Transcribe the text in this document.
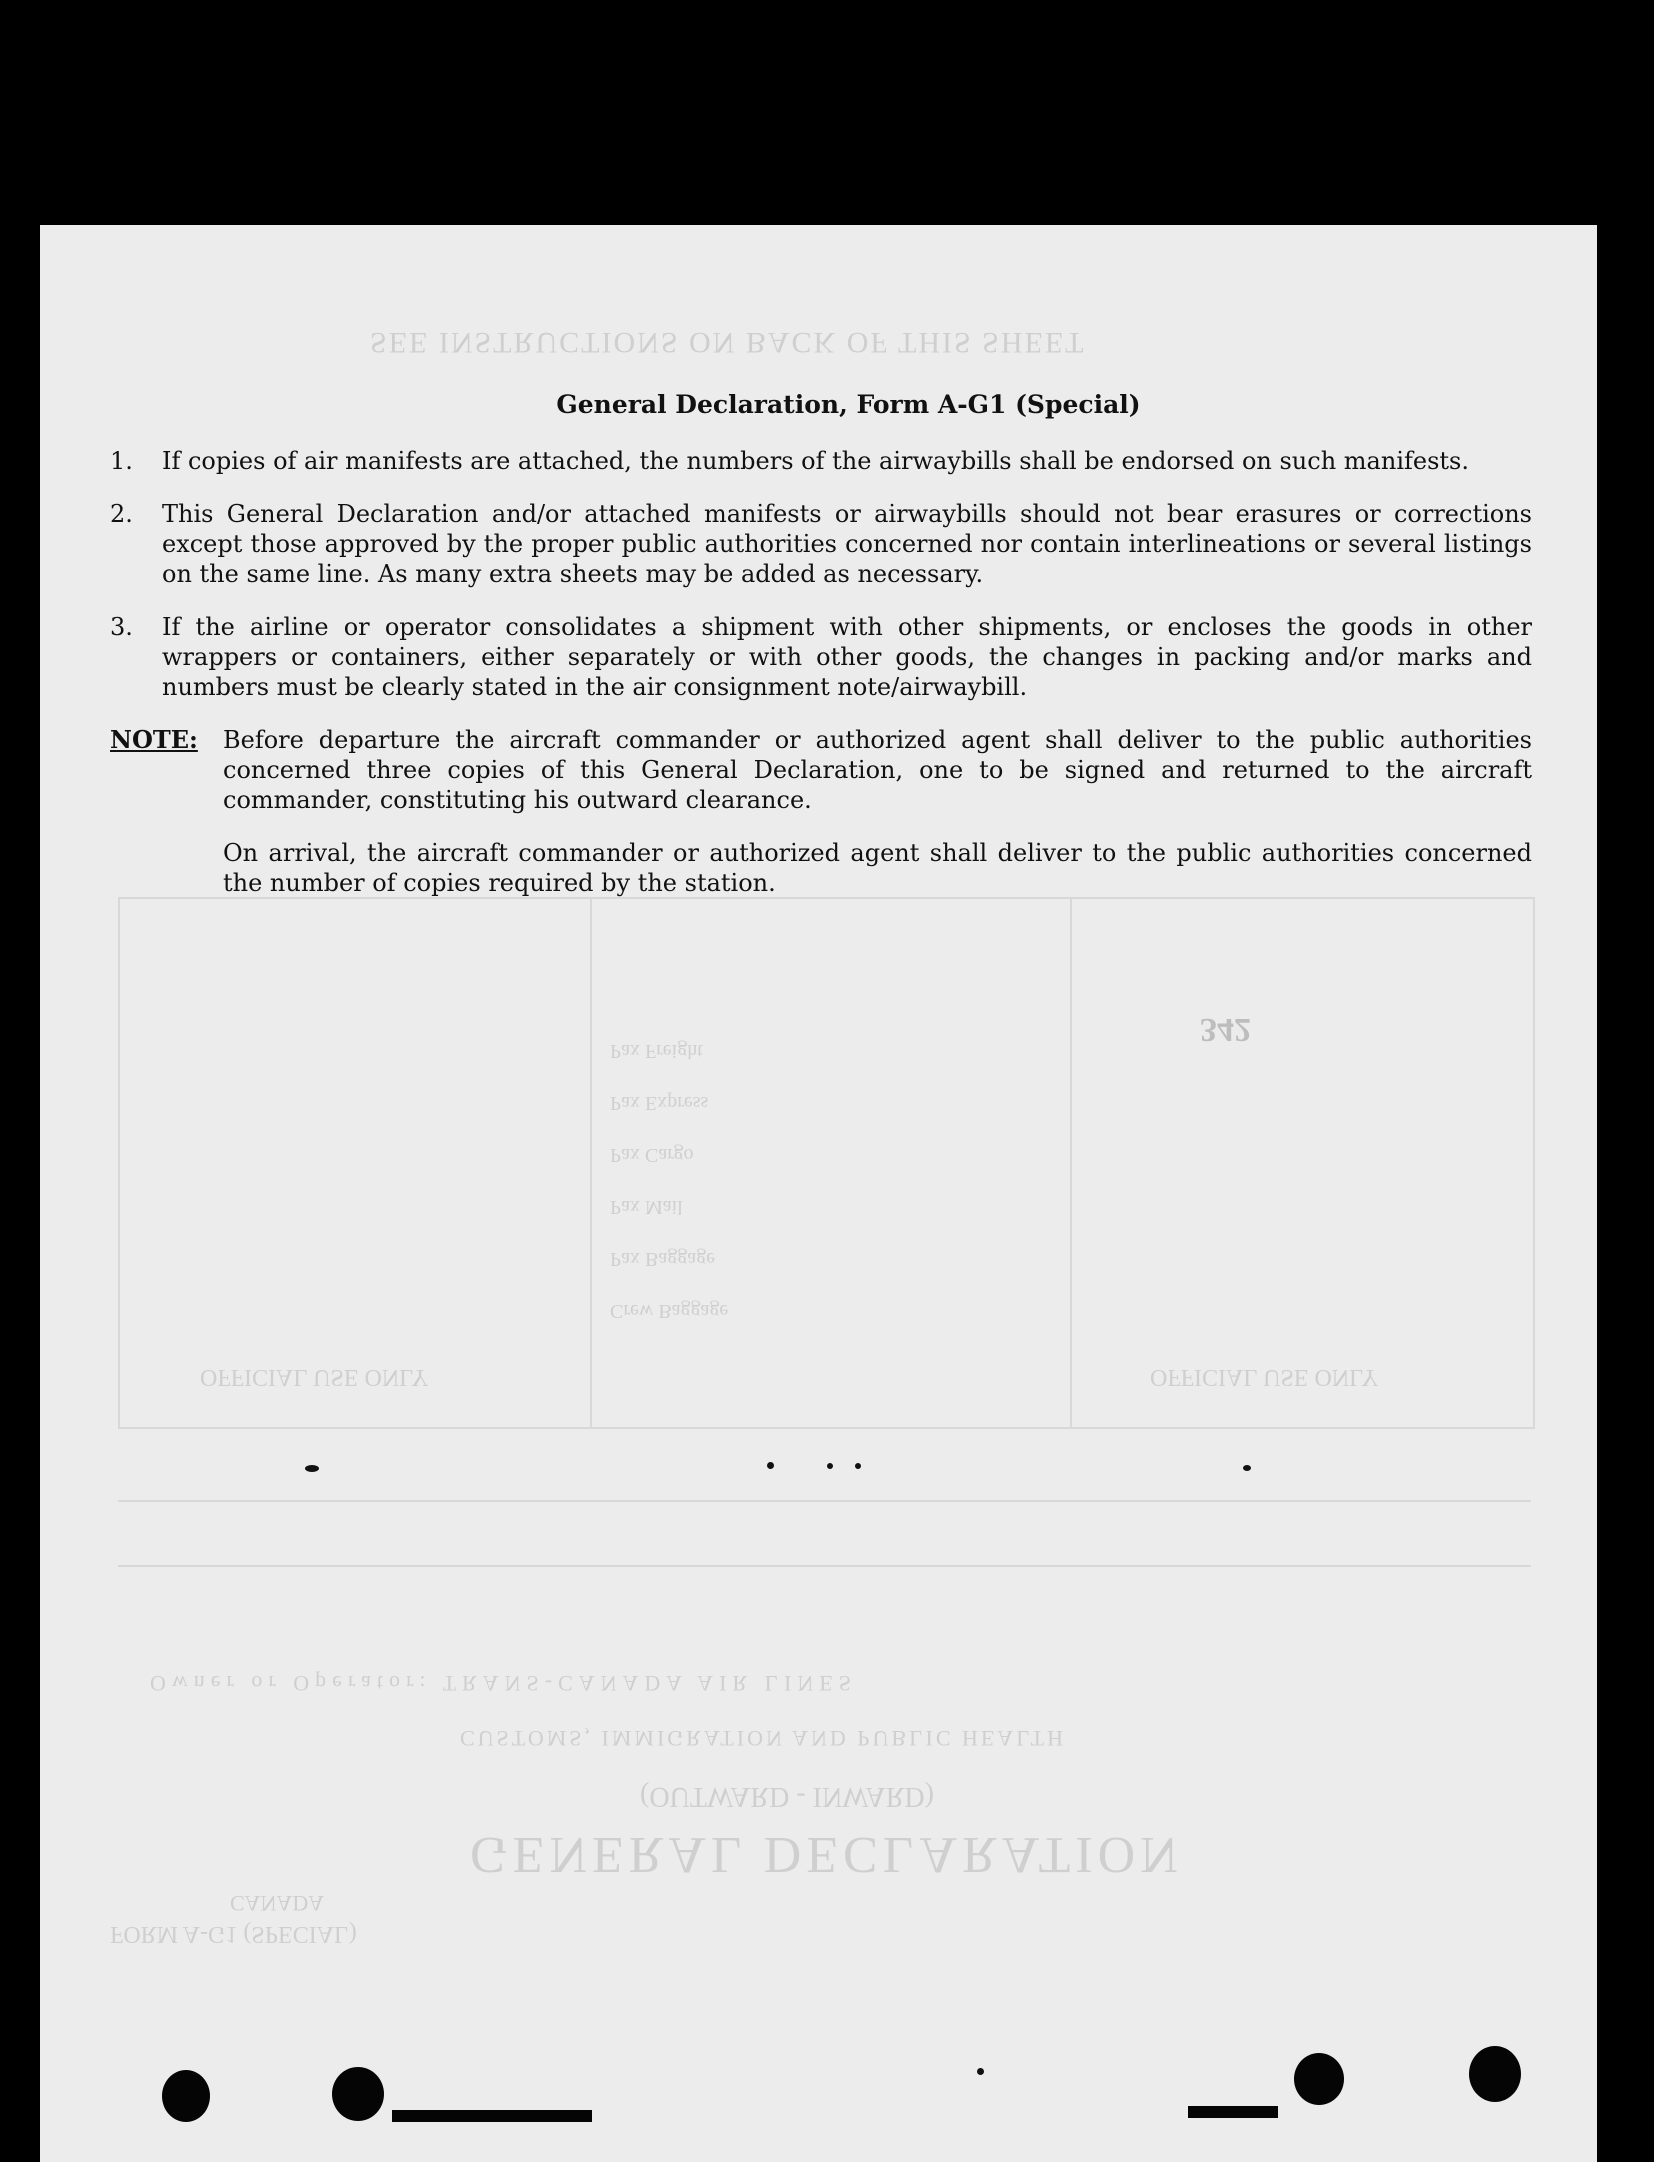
SEE INSTRUCTIONS ON BACK OF THIS SHEET
GENERAL DECLARATION
(OUTWARD - INWARD)
CUSTOMS, IMMIGRATION AND PUBLIC HEALTH
Owner or Operator: TRANS-CANADA AIR LINES
FORM A-G1 (SPECIAL)
CANADA
OFFICIAL USE ONLY	OFFICIAL USE ONLY
342
Crew Baggage
Pax Baggage
Pax Mail
Pax Cargo
Pax Express
Pax Freight
General Declaration, Form A-G1 (Special)
1.	If copies of air manifests are attached, the numbers of the airwaybills shall be endorsed on such manifests.
2.	This General Declaration and/or attached manifests or airwaybills should not bear erasures or corrections except those approved by the proper public authorities concerned nor contain interlineations or several listings on the same line. As many extra sheets may be added as necessary.
3.	If the airline or operator consolidates a shipment with other shipments, or encloses the goods in other wrappers or containers, either separately or with other goods, the changes in packing and/or marks and numbers must be clearly stated in the air consignment note/airwaybill.
NOTE:	Before departure the aircraft commander or authorized agent shall deliver to the public authorities concerned three copies of this General Declaration, one to be signed and returned to the aircraft commander, constituting his outward clearance.
On arrival, the aircraft commander or authorized agent shall deliver to the public authorities concerned the number of copies required by the station.
